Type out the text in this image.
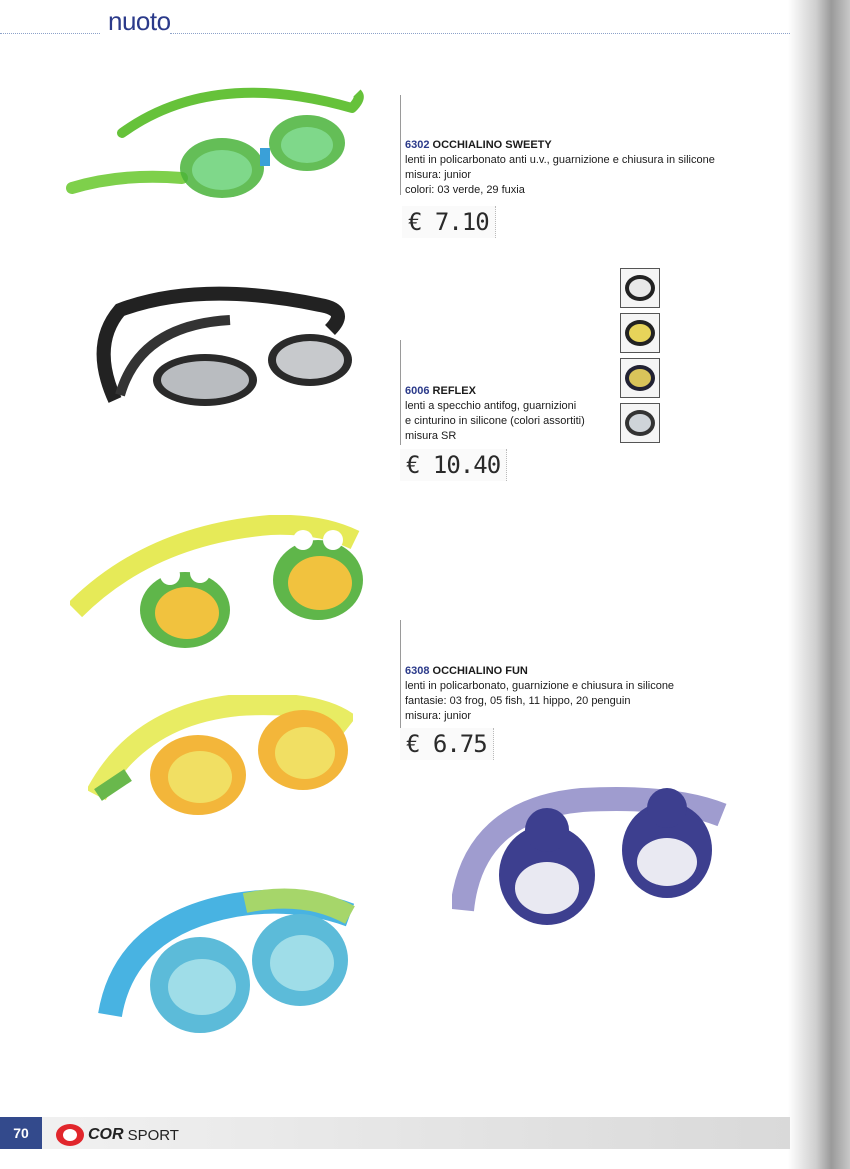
nuoto
6302 OCCHIALINO SWEETY
lenti in policarbonato anti u.v., guarnizione e chiusura in silicone
misura: junior
colori: 03 verde, 29 fuxia
€ 7.10
6006 REFLEX
lenti a specchio antifog, guarnizioni
e cinturino in silicone (colori assortiti)
misura SR
€ 10.40
6308 OCCHIALINO FUN
lenti in policarbonato, guarnizione e chiusura in silicone
fantasie: 03 frog, 05 fish, 11 hippo, 20 penguin
misura: junior
€ 6.75
70	COR SPORT
